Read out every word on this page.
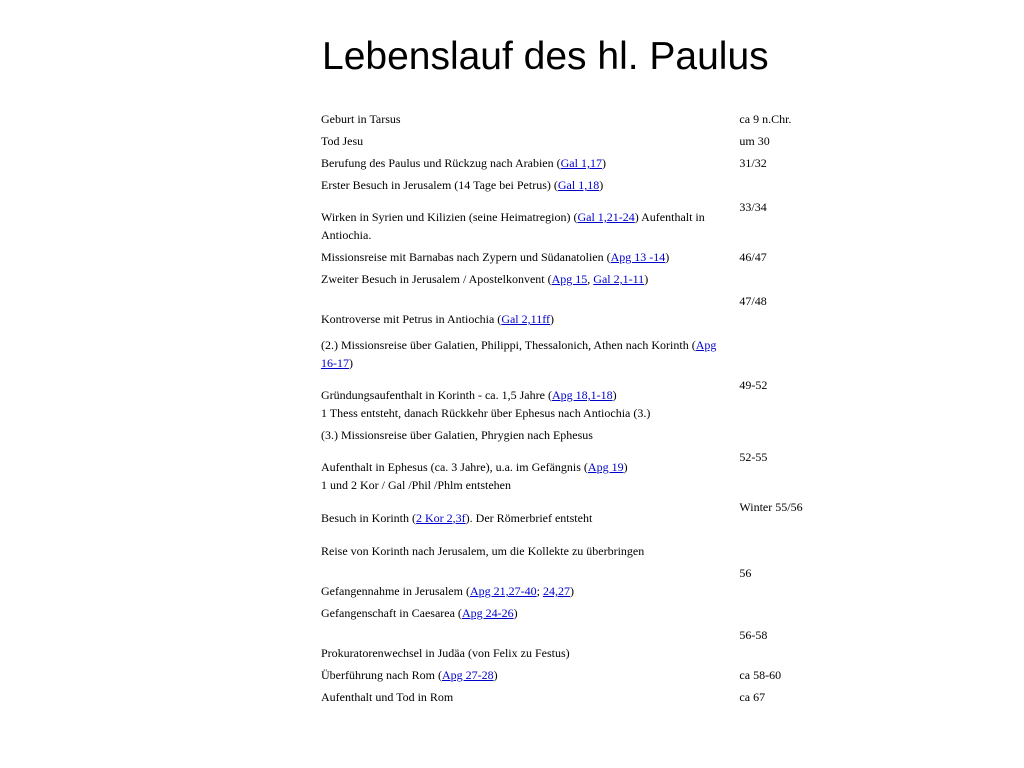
Lebenslauf des hl. Paulus
Geburt in Tarsus	ca 9 n.Chr.
Tod Jesu	um 30
Berufung des Paulus und Rückzug nach Arabien (Gal 1,17)	31/32
Erster Besuch in Jerusalem (14 Tage bei Petrus) (Gal 1,18)	
Wirken in Syrien und Kilizien (seine Heimatregion) (Gal 1,21-24) Aufenthalt in Antiochia.	33/34
Missionsreise mit Barnabas nach Zypern und Südanatolien (Apg 13 -14)	46/47
Zweiter Besuch in Jerusalem / Apostelkonvent (Apg 15, Gal 2,1-11)	
Kontroverse mit Petrus in Antiochia (Gal 2,11ff)	47/48
(2.) Missionsreise über Galatien, Philippi, Thessalonich, Athen nach Korinth (Apg 16-17)	
Gründungsaufenthalt in Korinth - ca. 1,5 Jahre (Apg 18,1-18)
1 Thess entsteht, danach Rückkehr über Ephesus nach Antiochia (3.)	49-52
(3.) Missionsreise über Galatien, Phrygien nach Ephesus	
Aufenthalt in Ephesus (ca. 3 Jahre), u.a. im Gefängnis (Apg 19)
1 und 2 Kor / Gal /Phil /Phlm entstehen	52-55
Besuch in Korinth (2 Kor 2,3f). Der Römerbrief entsteht	Winter 55/56
Reise von Korinth nach Jerusalem, um die Kollekte zu überbringen	
Gefangennahme in Jerusalem (Apg 21,27-40; 24,27)	56
Gefangenschaft in Caesarea (Apg 24-26)	
Prokuratorenwechsel in Judäa (von Felix zu Festus)	56-58
Überführung nach Rom (Apg 27-28)	ca 58-60
Aufenthalt und Tod in Rom	ca 67
